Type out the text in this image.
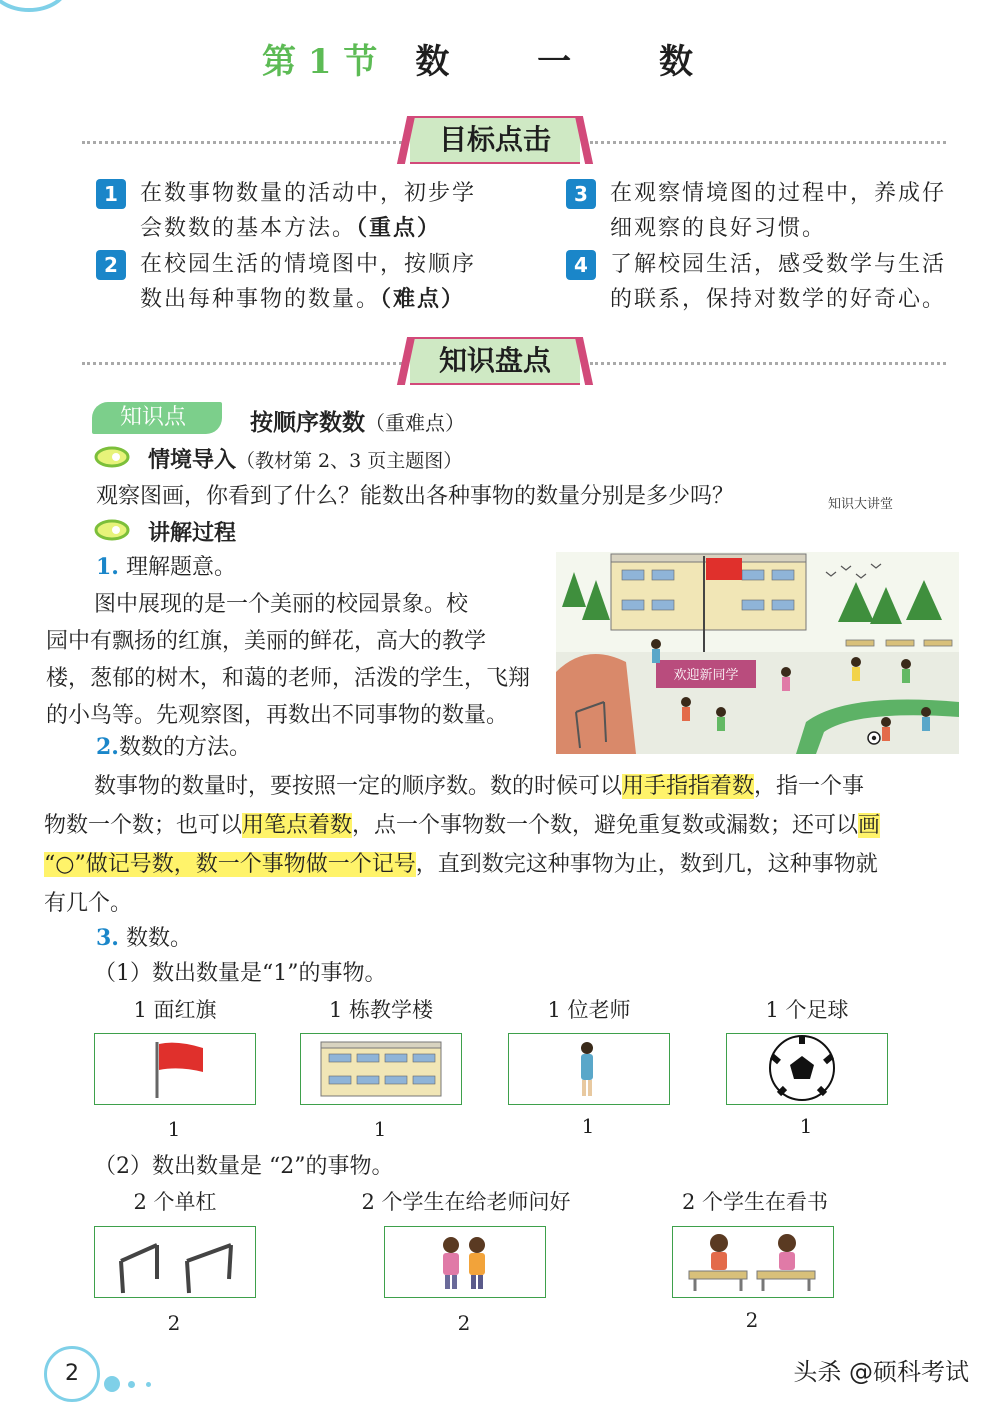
第 1 节 数 一 数
目标点击
1	在数事物数量的活动中，初步学
会数数的基本方法。（重点）
2	在校园生活的情境图中，按顺序
数出每种事物的数量。（难点）
3	在观察情境图的过程中，养成仔
细观察的良好习惯。
4	了解校园生活，感受数学与生活
的联系，保持对数学的好奇心。
知识盘点
知识点	按顺序数数（重难点）
情境导入（教材第 2、3 页主题图）
观察图画，你看到了什么？能数出各种事物的数量分别是多少吗？	知识大讲堂
讲解过程
1. 理解题意。
图中展现的是一个美丽的校园景象。校
园中有飘扬的红旗，美丽的鲜花，高大的教学
楼，葱郁的树木，和蔼的老师，活泼的学生，飞翔
的小鸟等。先观察图，再数出不同事物的数量。
欢迎新同学
2.数数的方法。
数事物的数量时，要按照一定的顺序数。数的时候可以用手指指着数，指一个事
物数一个数；也可以用笔点着数，点一个事物数一个数，避免重复数或漏数；还可以画
“○”做记号数，数一个事物做一个记号，直到数完这种事物为止，数到几，这种事物就
有几个。
3. 数数。
（1）数出数量是“1”的事物。
1 面红旗	1 栋教学楼	1 位老师	1 个足球
1	1	1	1
（2）数出数量是 “2”的事物。
2 个单杠	2 个学生在给老师问好	2 个学生在看书
2	2	2
2	头杀 @硕科考试
